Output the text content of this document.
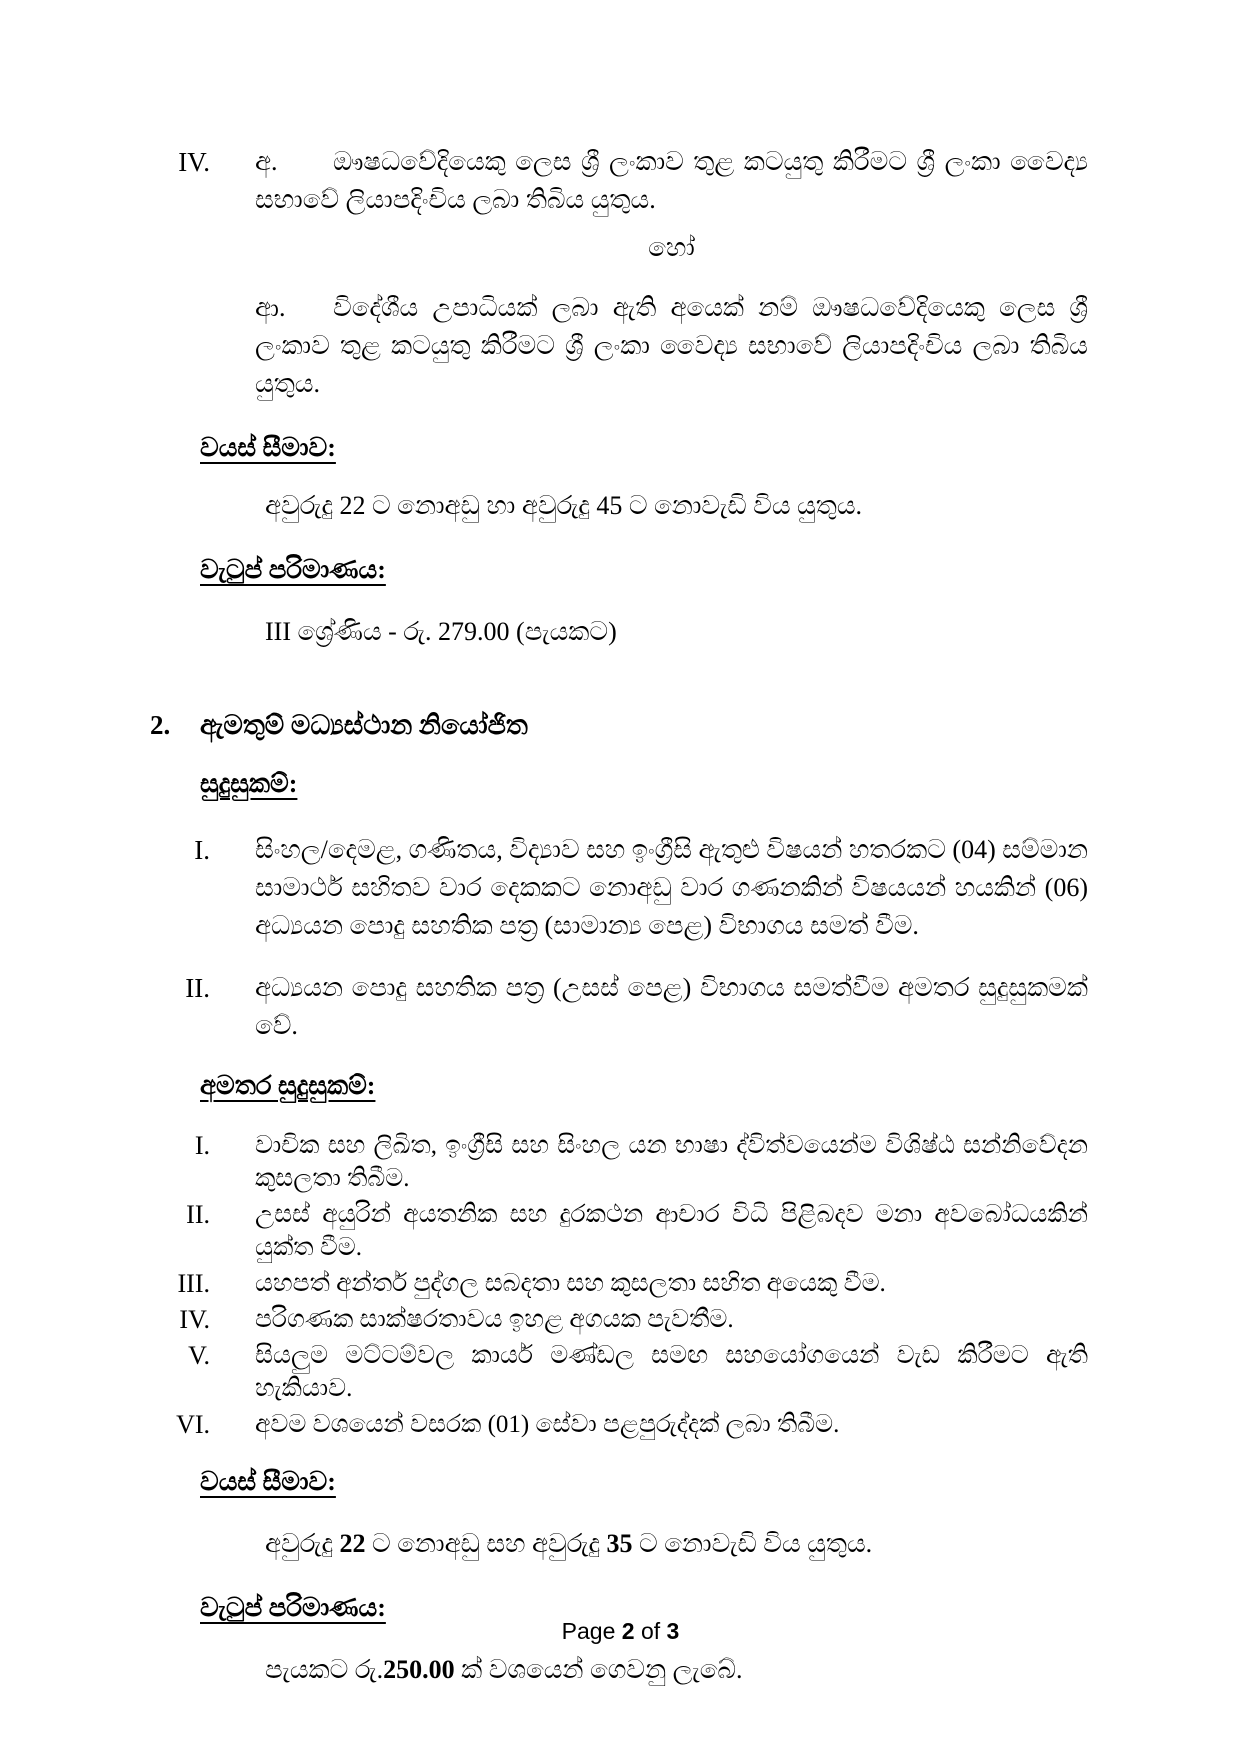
IV.	අ. ඖෂධවේදියෙකු ලෙස ශ්‍රී ලංකාව තුළ කටයුතු කිරීමට ශ්‍රී ලංකා වෛද්‍ය සභාවේ ලියාපදිංචිය ලබා තිබිය යුතුය.
හෝ
ආ. විදේශීය උපාධියක් ලබා ඇති අයෙක් නම් ඖෂධවේදියෙකු ලෙස ශ්‍රී ලංකාව තුළ කටයුතු කිරීමට ශ්‍රී ලංකා වෛද්‍ය සභාවේ ලියාපදිංචිය ලබා තිබිය යුතුය.
වයස් සීමාව:
අවුරුදු 22 ට නොඅඩු හා අවුරුදු 45 ට නොවැඩි විය යුතුය.
වැටුප් පරිමාණය:
III ශ්‍රේණිය - රු. 279.00 (පැයකට)
2.	ඇමතුම් මධ්‍යස්ථාන නියෝජිත
සුදුසුකම්:
I.	සිංහල/දෙමළ, ගණිතය, විද්‍යාව සහ ඉංග්‍රීසි ඇතුළු විෂයන් හතරකට (04) සම්මාන සාමාර්ථ සහිතව වාර දෙකකට නොඅඩු වාර ගණනකින් විෂයයන් හයකින් (06) අධ්‍යයන පොදු සහතික පත්‍ර (සාමාන්‍ය පෙළ) විභාගය සමත් වීම.
II.	අධ්‍යයන පොදු සහතික පත්‍ර (උසස් පෙළ) විභාගය සමත්වීම අමතර සුදුසුකමක් වේ.
අමතර සුදුසුකම්:
I.	වාචික සහ ලිඛිත, ඉංග්‍රීසි සහ සිංහල යන භාෂා ද්විත්වයෙන්ම විශිෂ්ඨ සන්නිවේදන කුසලතා තිබීම.
II.	උසස් අයුරින් අයතනික සහ දුරකථන ආචාර විධි පිළිබදව මනා අවබෝධයකින් යුක්ත වීම.
III.	යහපත් අන්තර් පුද්ගල සබදතා සහ කුසලතා සහිත අයෙකු වීම.
IV.	පරිගණක සාක්ෂරතාවය ඉහළ අගයක පැවතීම.
V.	සියලුම මට්ටම්වල කාර්ය මණ්ඩල සමඟ සහයෝගයෙන් වැඩ කිරීමට ඇති හැකියාව.
VI.	අවම වශයෙන් වසරක (01) සේවා පළපුරුද්දක් ලබා තිබීම.
වයස් සීමාව:
අවුරුදු 22 ට නොඅඩු සහ අවුරුදු 35 ට නොවැඩි විය යුතුය.
වැටුප් පරිමාණය:
පැයකට රු.250.00 ක් වශයෙන් ගෙවනු ලැබේ.
Page 2 of 3
